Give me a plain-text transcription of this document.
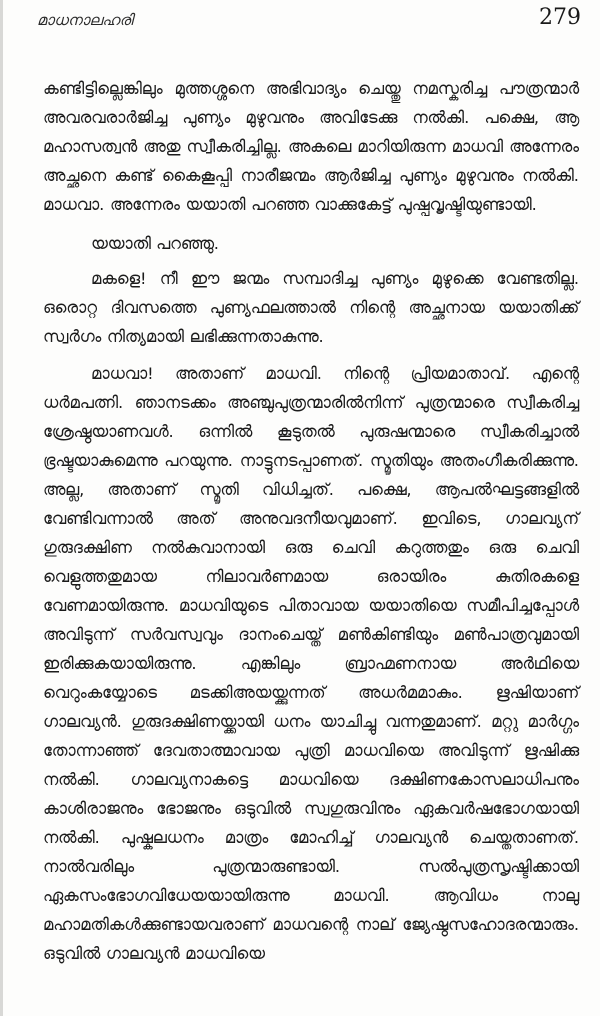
മാധനാലഹരി	279

കണ്ടിട്ടില്ലെങ്കിലും മുത്തശ്ശനെ അഭിവാദ്യം ചെയ്തു നമസ്കരിച്ച പൗത്രന്മാർ അവരവരാർജിച്ച പുണ്യം മുഴുവനും അവിടേക്കു നൽകി. പക്ഷെ, ആ മഹാസത്വൻ അതു സ്വീകരിച്ചില്ല. അകലെ മാറിയിരുന്ന മാധവി അന്നേരം അച്ഛനെ കണ്ട് കൈകൂപ്പി നാരീജന്മം ആർജിച്ച പുണ്യം മുഴുവനും നൽകി. മാധവാ. അന്നേരം യയാതി പറഞ്ഞ വാക്കുകേട്ട് പുഷ്പവൃഷ്ടിയുണ്ടായി.

യയാതി പറഞ്ഞു.

മകളെ! നീ ഈ ജന്മം സമ്പാദിച്ച പുണ്യം മുഴുക്കെ വേണ്ടതില്ല. ഒരൊറ്റ ദിവസത്തെ പുണ്യഫലത്താൽ നിന്റെ അച്ഛനായ യയാതിക്ക് സ്വർഗം നിത്യമായി ലഭിക്കുന്നതാകുന്നു.

മാധവാ! അതാണ് മാധവി. നിന്റെ പ്രിയമാതാവ്. എന്റെ ധർമപത്നി. ഞാനടക്കം അഞ്ചുപുത്രന്മാരിൽനിന്ന് പുത്രന്മാരെ സ്വീകരിച്ച ശ്രേഷ്ഠയാണവൾ. ഒന്നിൽ കൂടുതൽ പുരുഷന്മാരെ സ്വീകരിച്ചാൽ ഭ്രഷ്ടയാകുമെന്നു പറയുന്നു. നാട്ടുനടപ്പാണത്. സ്മൃതിയും അതംഗീകരിക്കുന്നു. അല്ല, അതാണ് സ്മൃതി വിധിച്ചത്. പക്ഷെ, ആപൽഘട്ടങ്ങളിൽ വേണ്ടിവന്നാൽ അത് അനുവദനീയവുമാണ്. ഇവിടെ, ഗാലവ്യന് ഗുരുദക്ഷിണ നൽകുവാനായി ഒരു ചെവി കറുത്തതും ഒരു ചെവി വെളുത്തതുമായ നിലാവർണമായ ഒരായിരം കുതിരകളെ വേണമായിരുന്നു. മാധവിയുടെ പിതാവായ യയാതിയെ സമീപിച്ചപ്പോൾ അവിടുന്ന് സർവസ്വവും ദാനംചെയ്ത് മൺകിണ്ടിയും മൺപാത്രവുമായി ഇരിക്കുകയായിരുന്നു. എങ്കിലും ബ്രാഹ്മണനായ അർഥിയെ വെറുംകയ്യോടെ മടക്കിഅയയ്ക്കുന്നത് അധർമമാകും. ഋഷിയാണ് ഗാലവ്യൻ. ഗുരുദക്ഷിണയ്ക്കായി ധനം യാചിച്ചു വന്നതുമാണ്. മറ്റു മാർഗ്ഗം തോന്നാഞ്ഞ് ദേവതാത്മാവായ പുത്രി മാധവിയെ അവിടുന്ന് ഋഷിക്കു നൽകി. ഗാലവ്യനാകട്ടെ മാധവിയെ ദക്ഷിണകോസലാധിപനും കാശിരാജനും ഭോജനും ഒടുവിൽ സ്വഗുരുവിനും ഏകവർഷഭോഗയായി നൽകി. പുഷ്കലധനം മാത്രം മോഹിച്ച് ഗാലവ്യൻ ചെയ്തതാണത്. നാൽവരിലും പുത്രന്മാരുണ്ടായി. സൽപുത്രസൃഷ്ടിക്കായി ഏകസംഭോഗവിധേയയായിരുന്നു മാധവി. ആവിധം നാലു മഹാമതികൾക്കുണ്ടായവരാണ് മാധവന്റെ നാല് ജ്യേഷ്ഠസഹോദരന്മാരും. ഒടുവിൽ ഗാലവ്യൻ മാധവിയെ
